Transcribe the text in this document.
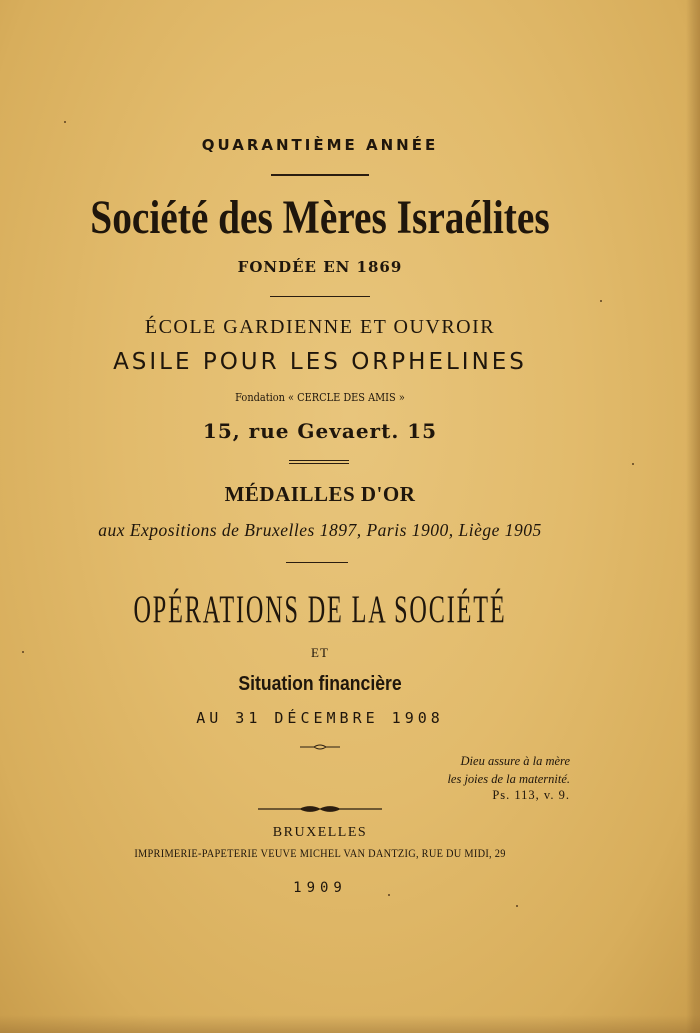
QUARANTIÈME ANNÉE
Société des Mères Israélites
FONDÉE EN 1869
ÉCOLE GARDIENNE ET OUVROIR
ASILE POUR LES ORPHELINES
Fondation « CERCLE DES AMIS »
15, rue Gevaert. 15
MÉDAILLES D'OR
aux Expositions de Bruxelles 1897, Paris 1900, Liège 1905
OPÉRATIONS DE LA SOCIÉTÉ
ET
Situation financière
AU 31 DÉCEMBRE 1908
Dieu assure à la mère
les joies de la maternité.
Ps. 113, v. 9.
BRUXELLES
IMPRIMERIE-PAPETERIE VEUVE MICHEL VAN DANTZIG, RUE DU MIDI, 29
1909
